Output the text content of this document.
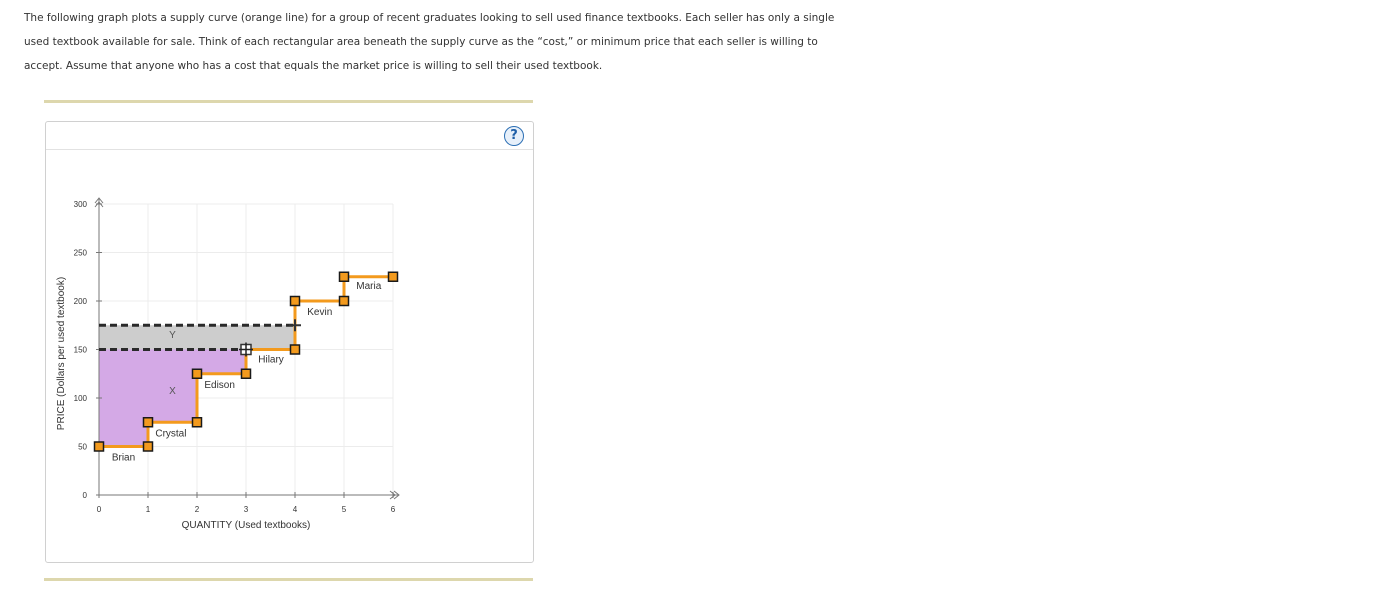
The following graph plots a supply curve (orange line) for a group of recent graduates looking to sell used finance textbooks. Each seller has only a single used textbook available for sale. Think of each rectangular area beneath the supply curve as the “cost,” or minimum price that each seller is willing to accept. Assume that anyone who has a cost that equals the market price is willing to sell their used textbook.

?
0	1	2	3	4	5	6
0
50
100
150
200
250
300
QUANTITY (Used textbooks)
PRICE (Dollars per used textbook)
Brian
Crystal
Edison
Hilary
Kevin
Maria
X
Y
